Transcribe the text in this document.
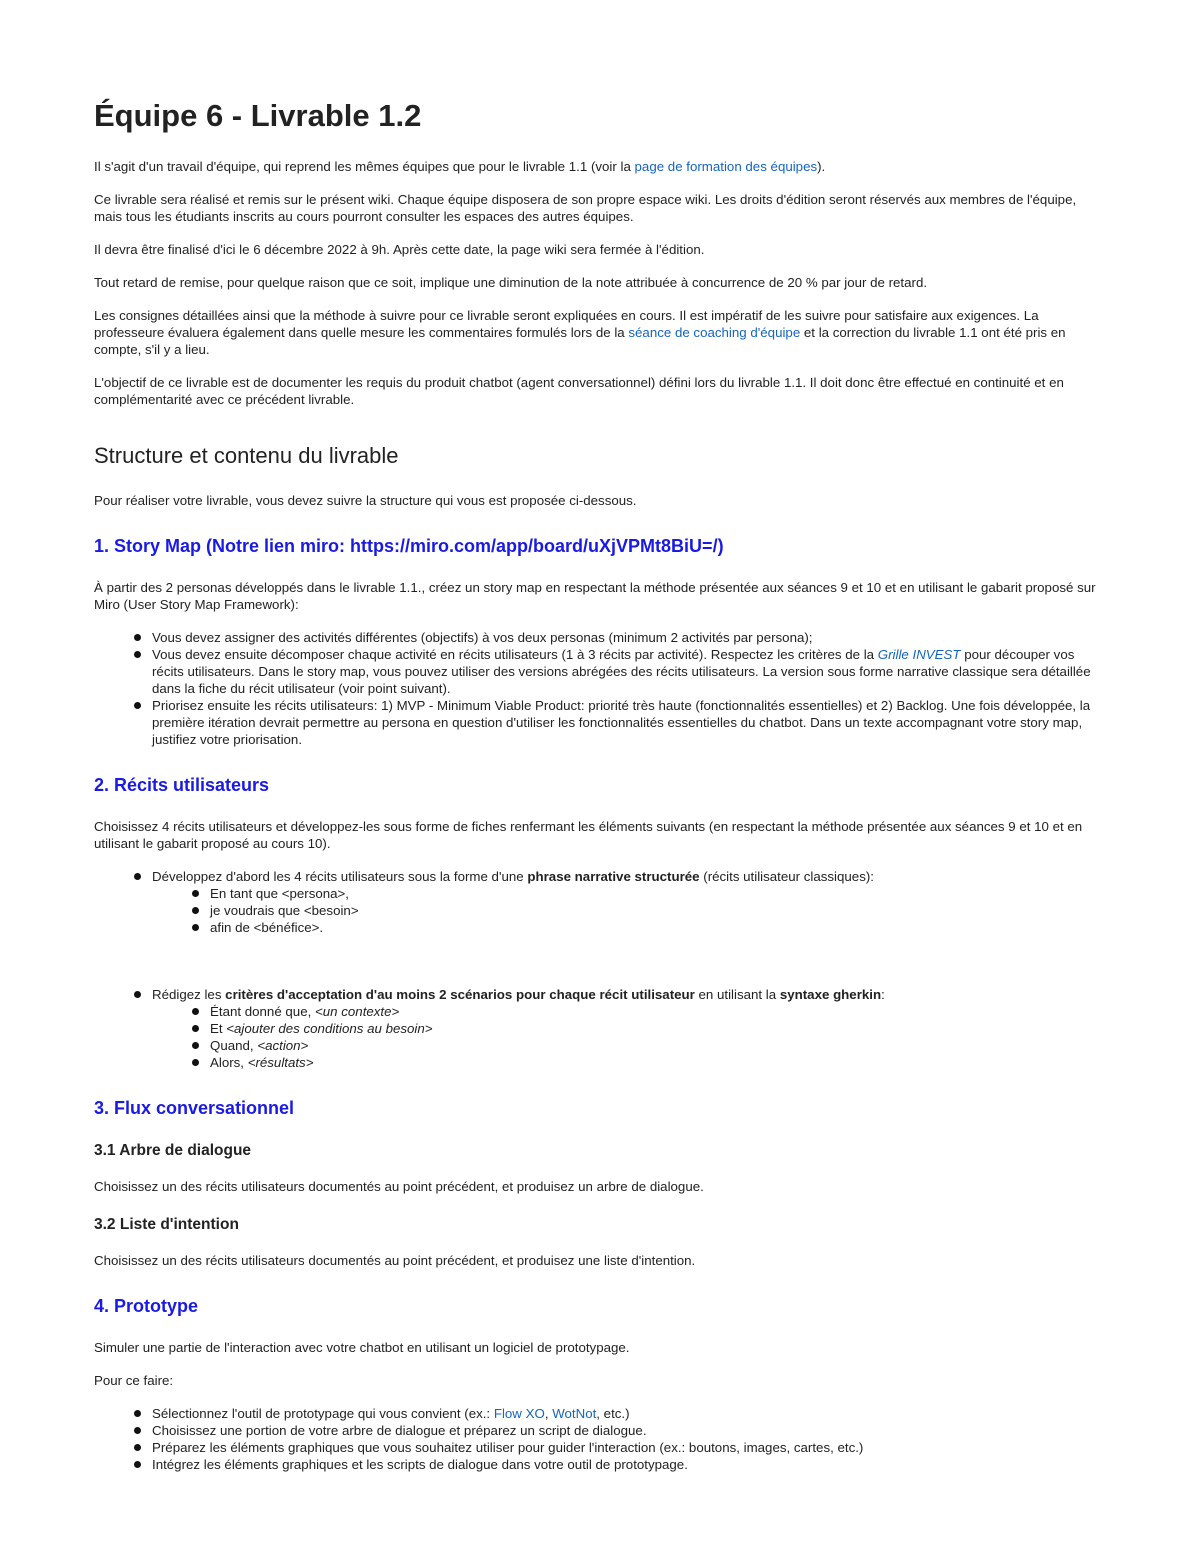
Équipe 6 - Livrable 1.2

Il s'agit d'un travail d'équipe, qui reprend les mêmes équipes que pour le livrable 1.1 (voir la page de formation des équipes).

Ce livrable sera réalisé et remis sur le présent wiki. Chaque équipe disposera de son propre espace wiki. Les droits d'édition seront réservés aux membres de l'équipe, mais tous les étudiants inscrits au cours pourront consulter les espaces des autres équipes.

Il devra être finalisé d'ici le 6 décembre 2022 à 9h. Après cette date, la page wiki sera fermée à l'édition.

Tout retard de remise, pour quelque raison que ce soit, implique une diminution de la note attribuée à concurrence de 20 % par jour de retard.

Les consignes détaillées ainsi que la méthode à suivre pour ce livrable seront expliquées en cours. Il est impératif de les suivre pour satisfaire aux exigences. La professeure évaluera également dans quelle mesure les commentaires formulés lors de la séance de coaching d'équipe et la correction du livrable 1.1 ont été pris en compte, s'il y a lieu.

L'objectif de ce livrable est de documenter les requis du produit chatbot (agent conversationnel) défini lors du livrable 1.1. Il doit donc être effectué en continuité et en complémentarité avec ce précédent livrable.

Structure et contenu du livrable

Pour réaliser votre livrable, vous devez suivre la structure qui vous est proposée ci-dessous.

1. Story Map (Notre lien miro: https://miro.com/app/board/uXjVPMt8BiU=/)

À partir des 2 personas développés dans le livrable 1.1., créez un story map en respectant la méthode présentée aux séances 9 et 10 et en utilisant le gabarit proposé sur Miro (User Story Map Framework):

Vous devez assigner des activités différentes (objectifs) à vos deux personas (minimum 2 activités par persona);
Vous devez ensuite décomposer chaque activité en récits utilisateurs (1 à 3 récits par activité). Respectez les critères de la Grille INVEST pour découper vos récits utilisateurs. Dans le story map, vous pouvez utiliser des versions abrégées des récits utilisateurs. La version sous forme narrative classique sera détaillée dans la fiche du récit utilisateur (voir point suivant).
Priorisez ensuite les récits utilisateurs: 1) MVP - Minimum Viable Product: priorité très haute (fonctionnalités essentielles) et 2) Backlog. Une fois développée, la première itération devrait permettre au persona en question d'utiliser les fonctionnalités essentielles du chatbot. Dans un texte accompagnant votre story map, justifiez votre priorisation.
2. Récits utilisateurs

Choisissez 4 récits utilisateurs et développez-les sous forme de fiches renfermant les éléments suivants (en respectant la méthode présentée aux séances 9 et 10 et en utilisant le gabarit proposé au cours 10).

Développez d'abord les 4 récits utilisateurs sous la forme d'une phrase narrative structurée (récits utilisateur classiques):
En tant que <persona>,
je voudrais que <besoin>
afin de <bénéfice>.
Rédigez les critères d'acceptation d'au moins 2 scénarios pour chaque récit utilisateur en utilisant la syntaxe gherkin:
Étant donné que, <un contexte>
Et <ajouter des conditions au besoin>
Quand, <action>
Alors, <résultats>
3. Flux conversationnel
3.1 Arbre de dialogue

Choisissez un des récits utilisateurs documentés au point précédent, et produisez un arbre de dialogue.

3.2 Liste d'intention

Choisissez un des récits utilisateurs documentés au point précédent, et produisez une liste d'intention.

4. Prototype

Simuler une partie de l'interaction avec votre chatbot en utilisant un logiciel de prototypage.

Pour ce faire:

Sélectionnez l'outil de prototypage qui vous convient (ex.: Flow XO, WotNot, etc.)
Choisissez une portion de votre arbre de dialogue et préparez un script de dialogue.
Préparez les éléments graphiques que vous souhaitez utiliser pour guider l'interaction (ex.: boutons, images, cartes, etc.)
Intégrez les éléments graphiques et les scripts de dialogue dans votre outil de prototypage.
